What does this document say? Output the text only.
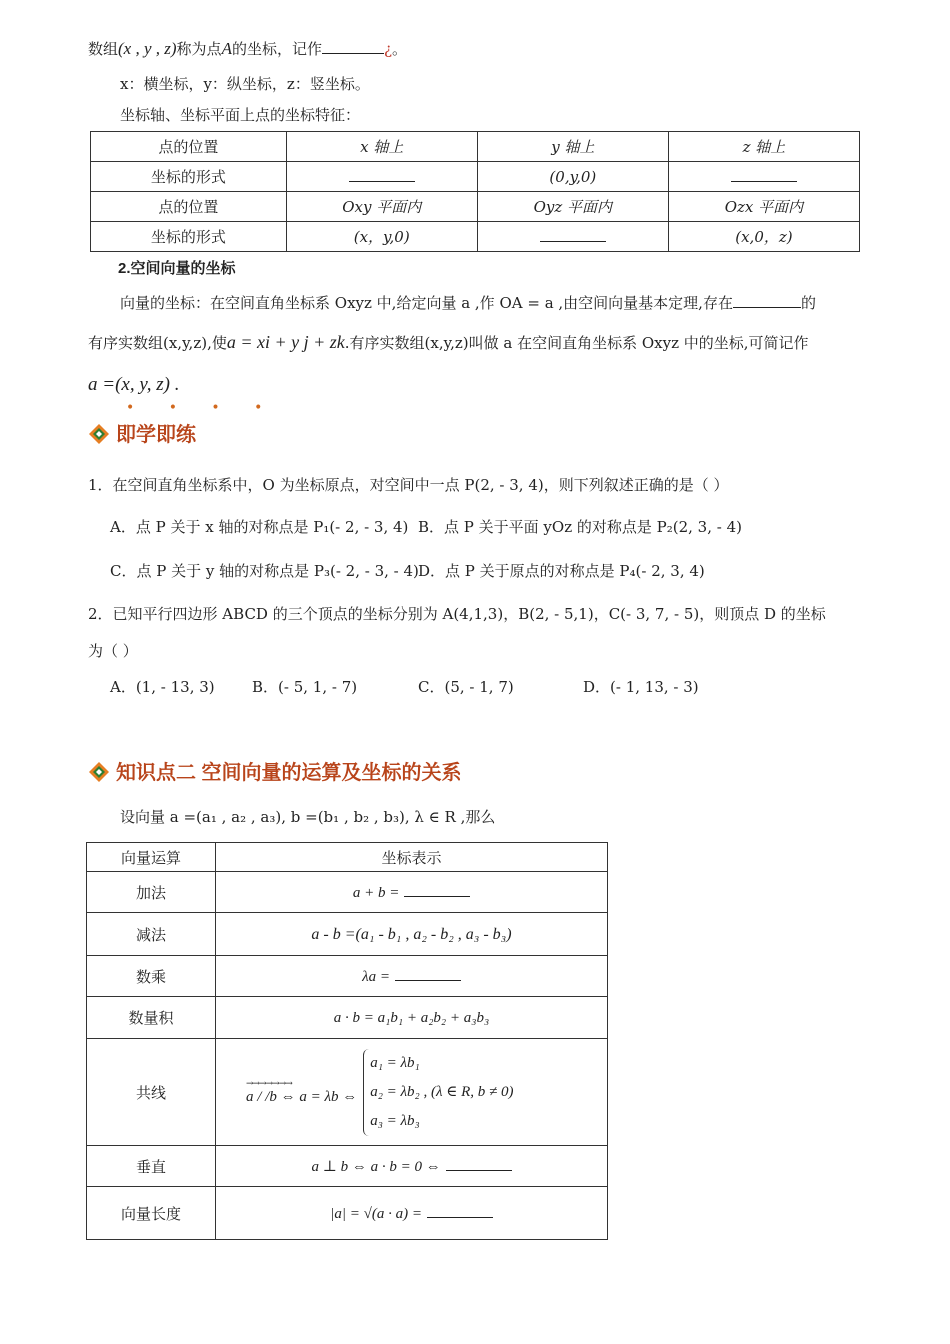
数组(x , y , z)称为点A的坐标，记作	¿。
x：横坐标，y：纵坐标，z：竖坐标。
坐标轴、坐标平面上点的坐标特征：
点的位置	x 轴上	y 轴上	z 轴上
坐标的形式		(0,y,0)	
点的位置	Oxy 平面内	Oyz 平面内	Ozx 平面内
坐标的形式	(x，y,0)		(x,0，z)
2.空间向量的坐标
向量的坐标：在空间直角坐标系 Oxyz 中,给定向量 a ,作 OA = a ,由空间向量基本定理,存在	的
有序实数组(x,y,z),使a = xi + y j + zk.有序实数组(x,y,z)叫做 a 在空间直角坐标系 Oxyz 中的坐标,可简记作
a =(x, y, z) .
• • • •
即学即练
1．在空间直角坐标系中，O 为坐标原点，对空间中一点 P(2, - 3, 4)，则下列叙述正确的是（ ）
A．点 P 关于 x 轴的对称点是 P₁(- 2, - 3, 4) B．点 P 关于平面 yOz 的对称点是 P₂(2, 3, - 4)
C．点 P 关于 y 轴的对称点是 P₃(- 2, - 3, - 4) D．点 P 关于原点的对称点是 P₄(- 2, 3, 4)
2．已知平行四边形 ABCD 的三个顶点的坐标分别为 A(4,1,3)，B(2, - 5,1)，C(- 3, 7, - 5)，则顶点 D 的坐标
为（ ）
A．(1, - 13, 3) B．(- 5, 1, - 7)	C．(5, - 1, 7)	D．(- 1, 13, - 3)
知识点二 空间向量的运算及坐标的关系
设向量 a =(a₁ , a₂ , a₃), b =(b₁ , b₂ , b₃), λ ∈ R ,那么
向量运算	坐标表示
加法	a + b =
减法	a - b =(a₁ - b₁ , a₂ - b₂ , a₃ - b₃)
数乘	λa =
数量积	a · b = a₁b₁ + a₂b₂ + a₃b₃
共线	→→→→→→→
a / /b ⇔ a = λb ⇔
a₁ = λb₁
a₂ = λb₂ , (λ ∈ R, b ≠ 0)
a₃ = λb₃

垂直	a ⊥ b ⇔ a · b = 0 ⇔
向量长度	|a| = √(a · a) =
